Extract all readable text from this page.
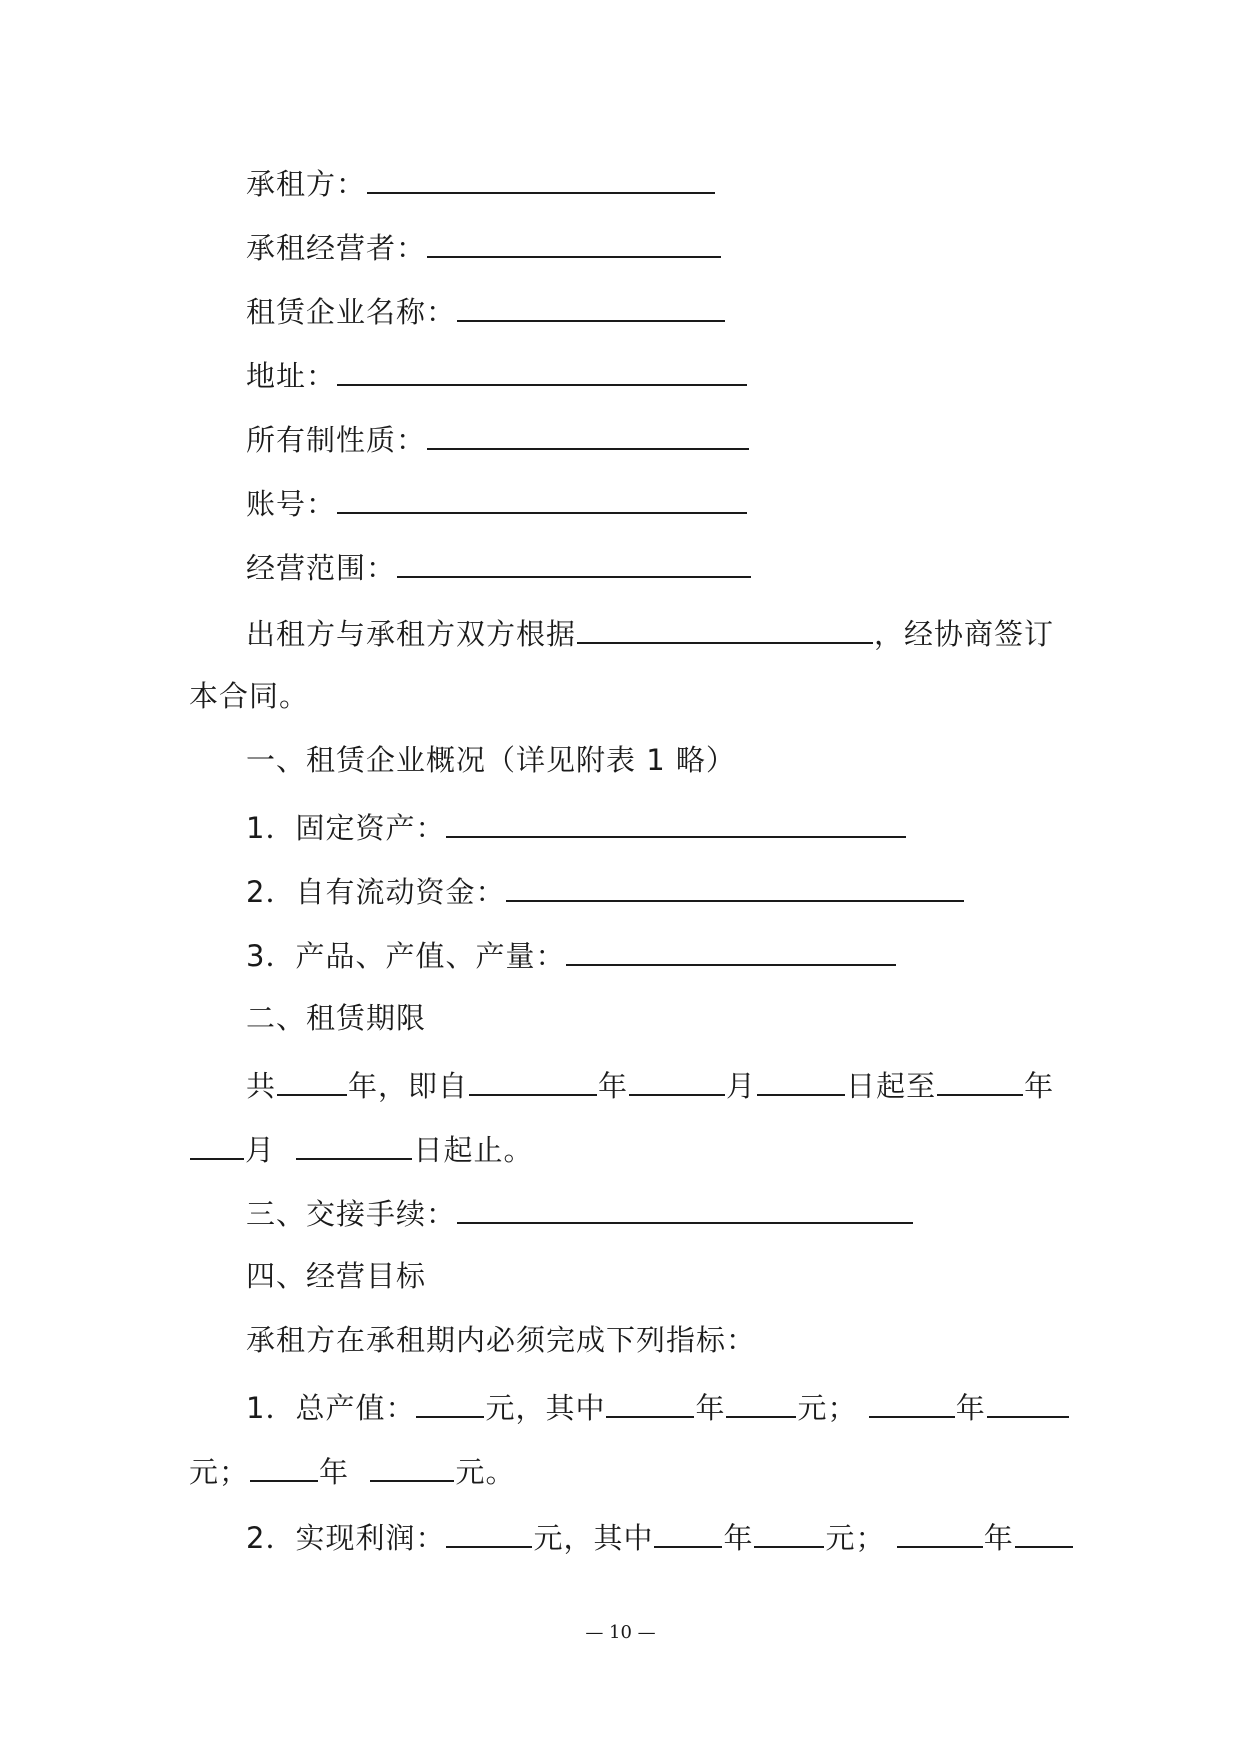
承租方：
承租经营者：
租赁企业名称：
地址：
所有制性质：
账号：
经营范围：
出租方与承租方双方根据	，经协商签订
本合同。
一、租赁企业概况（详见附表 1 略）
1．固定资产：
2．自有流动资金：
3．产品、产值、产量：
二、租赁期限
共 年，即自	年	月	日起至	年
月	日起止。
三、交接手续：
四、经营目标
承租方在承租期内必须完成下列指标：
1．总产值： 元，其中	年 元；	年
元； 年	元。
2．实现利润：	元，其中 年 元；	年
— 10 —
